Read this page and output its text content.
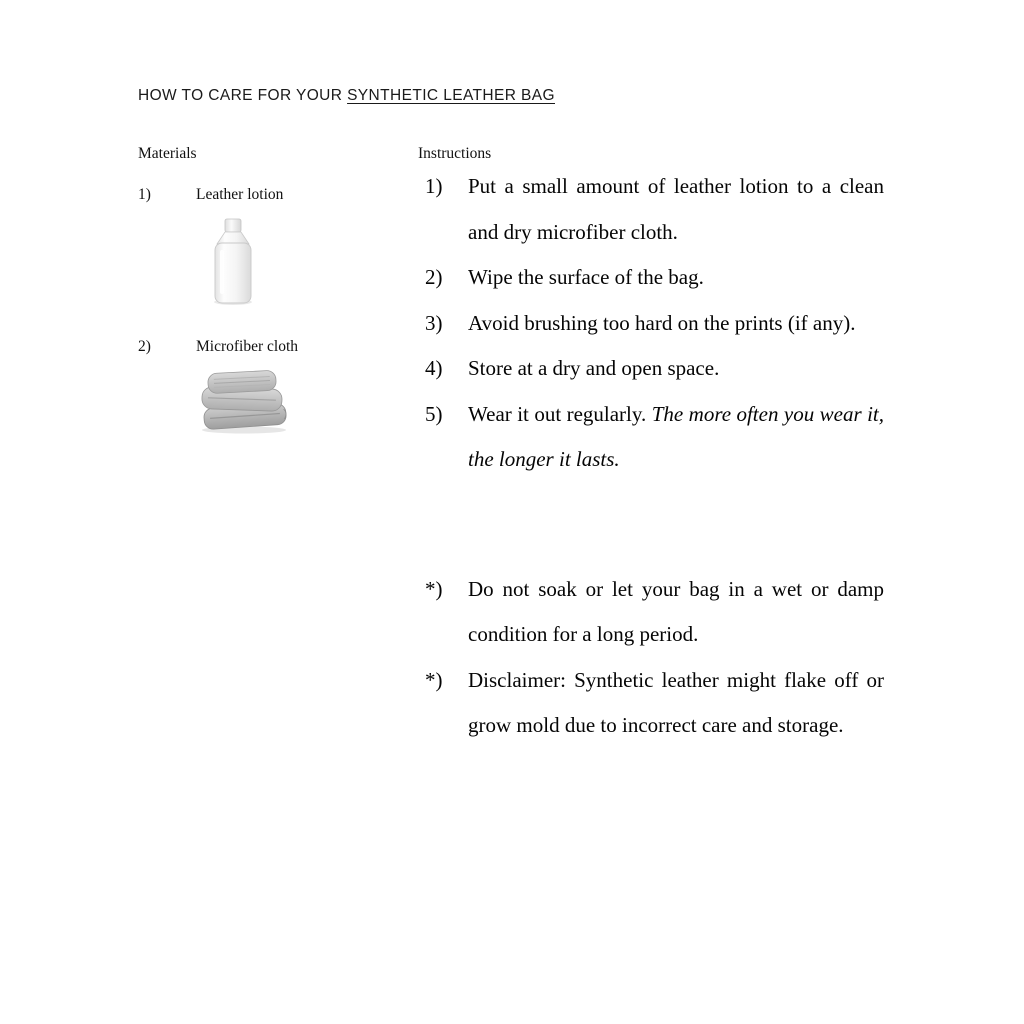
HOW TO CARE FOR YOUR SYNTHETIC LEATHER BAG
Materials
1)	Leather lotion
2)	Microfiber cloth
Instructions
1)	Put a small amount of leather lotion to a clean and dry microfiber cloth.
2)	Wipe the surface of the bag.
3)	Avoid brushing too hard on the prints (if any).
4)	Store at a dry and open space.
5)	Wear it out regularly. The more often you wear it, the longer it lasts.
*)	Do not soak or let your bag in a wet or damp condition for a long period.
*)	Disclaimer: Synthetic leather might flake off or grow mold due to incorrect care and storage.
